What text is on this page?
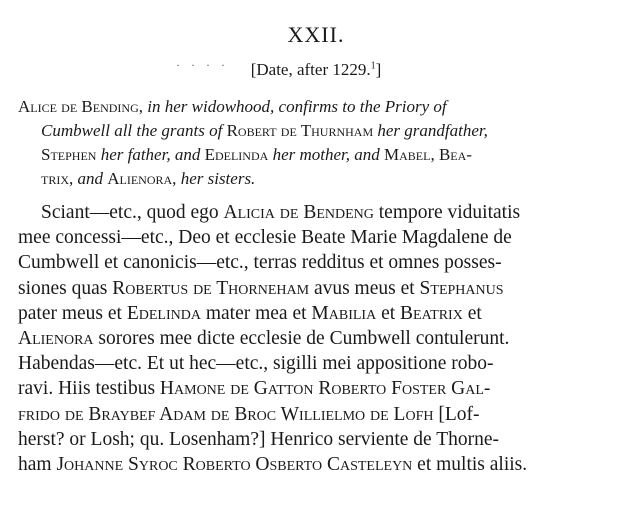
XXII.
· · · ·	[Date, after 1229.$^1$]
Alice de Bending, in her widowhood, confirms to the Priory of
Cumbwell all the grants of Robert de Thurnham her grandfather,
Stephen her father, and Edelinda her mother, and Mabel, Bea-
trix, and Alienora, her sisters.
Sciant—etc., quod ego Alicia de Bendeng tempore viduitatis
mee concessi—etc., Deo et ecclesie Beate Marie Magdalene de
Cumbwell et canonicis—etc., terras redditus et omnes posses-
siones quas Robertus de Thorneham avus meus et Stephanus
pater meus et Edelinda mater mea et Mabilia et Beatrix et
Alienora sorores mee dicte ecclesie de Cumbwell contulerunt.
Habendas—etc. Et ut hec—etc., sigilli mei appositione robo-
ravi. Hiis testibus Hamone de Gatton Roberto Foster Gal-
frido de Braybef Adam de Broc Willielmo de Lofh [Lof-
herst? or Losh; qu. Losenham?] Henrico serviente de Thorne-
ham Johanne Syroc Roberto Osberto Casteleyn et multis aliis.
